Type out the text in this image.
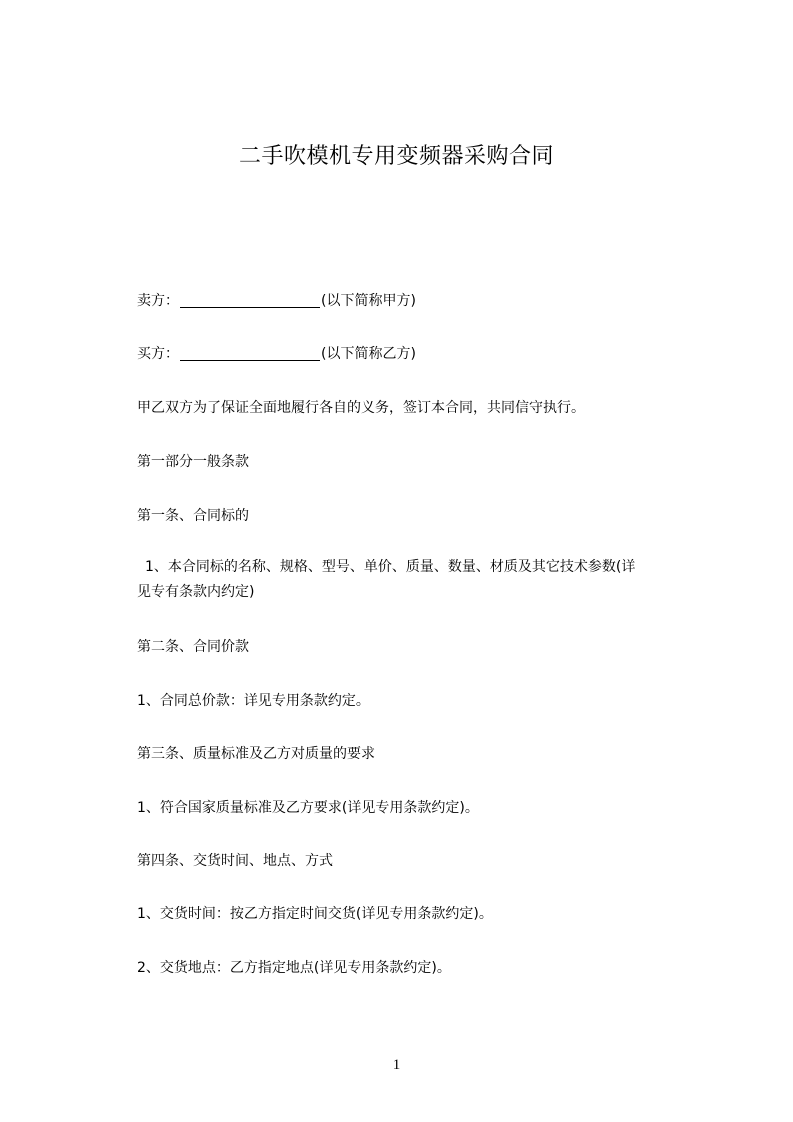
二手吹模机专用变频器采购合同
卖方：	(以下简称甲方)
买方：	(以下简称乙方)
甲乙双方为了保证全面地履行各自的义务，签订本合同，共同信守执行。
第一部分一般条款
第一条、合同标的
1、本合同标的名称、规格、型号、单价、质量、数量、材质及其它技术参数(详
见专有条款内约定)
第二条、合同价款
1、合同总价款：详见专用条款约定。
第三条、质量标准及乙方对质量的要求
1、符合国家质量标准及乙方要求(详见专用条款约定)。
第四条、交货时间、地点、方式
1、交货时间：按乙方指定时间交货(详见专用条款约定)。
2、交货地点：乙方指定地点(详见专用条款约定)。
1
